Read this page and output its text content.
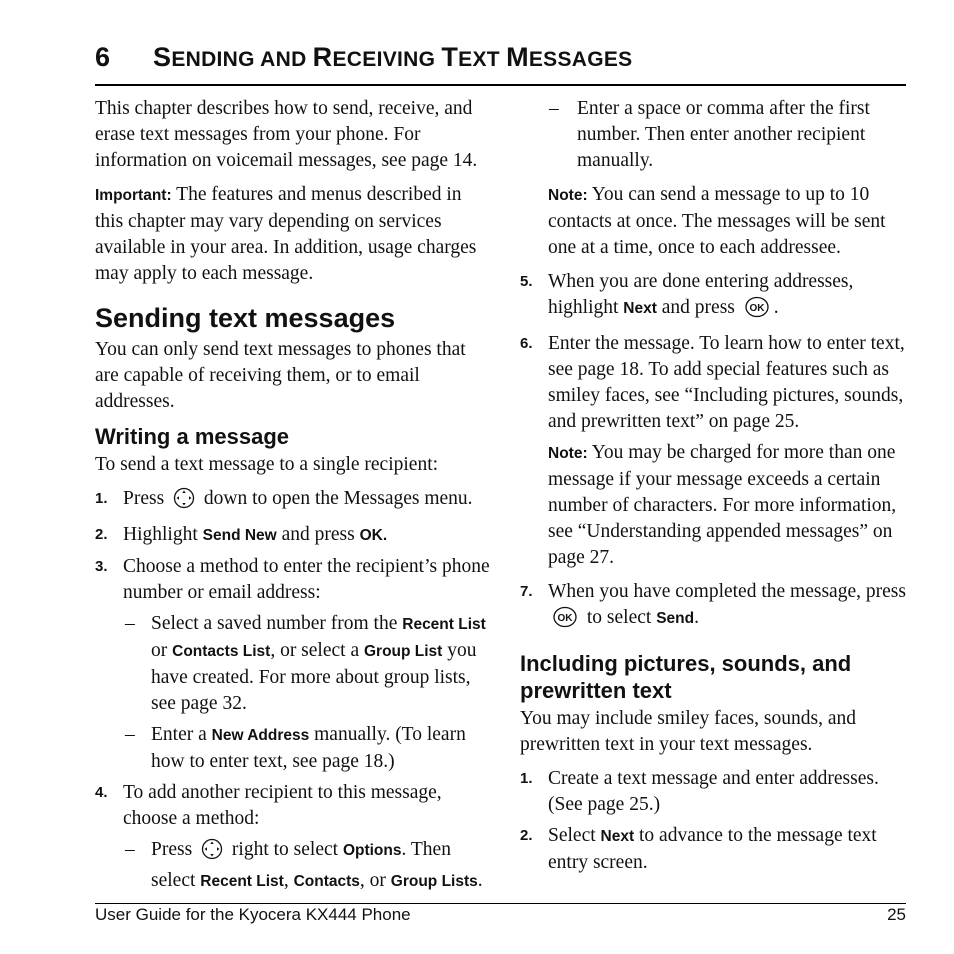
6 SENDING AND RECEIVING TEXT MESSAGES

This chapter describes how to send, receive, and erase text messages from your phone. For information on voicemail messages, see page 14.

Important: The features and menus described in this chapter may vary depending on services available in your area. In addition, usage charges may apply to each message.

Sending text messages

You can only send text messages to phones that are capable of receiving them, or to email addresses.

Writing a message

To send a text message to a single recipient:

1. Press down to open the Messages menu.
2. Highlight Send New and press OK.
3. Choose a method to enter the recipient’s phone number or email address:
– Select a saved number from the Recent List or Contacts List, or select a Group List you have created. For more about group lists, see page 32.
– Enter a New Address manually. (To learn how to enter text, see page 18.)
4. To add another recipient to this message, choose a method:
– Press right to select Options. Then select Recent List, Contacts, or Group Lists.
– Enter a space or comma after the first number. Then enter another recipient manually.

Note: You can send a message to up to 10 contacts at once. The messages will be sent one at a time, once to each addressee.

5. When you are done entering addresses, highlight Next and press OK .
6. Enter the message. To learn how to enter text, see page 18. To add special features such as smiley faces, see “Including pictures, sounds, and prewritten text” on page 25.

Note: You may be charged for more than one message if your message exceeds a certain number of characters. For more information, see “Understanding appended messages” on page 27.

7. When you have completed the message, press
OK to select Send.
Including pictures, sounds, and prewritten text

You may include smiley faces, sounds, and prewritten text in your text messages.

1. Create a text message and enter addresses.(See page 25.)
2. Select Next to advance to the message text entry screen.
User Guide for the Kyocera KX444 Phone	25
